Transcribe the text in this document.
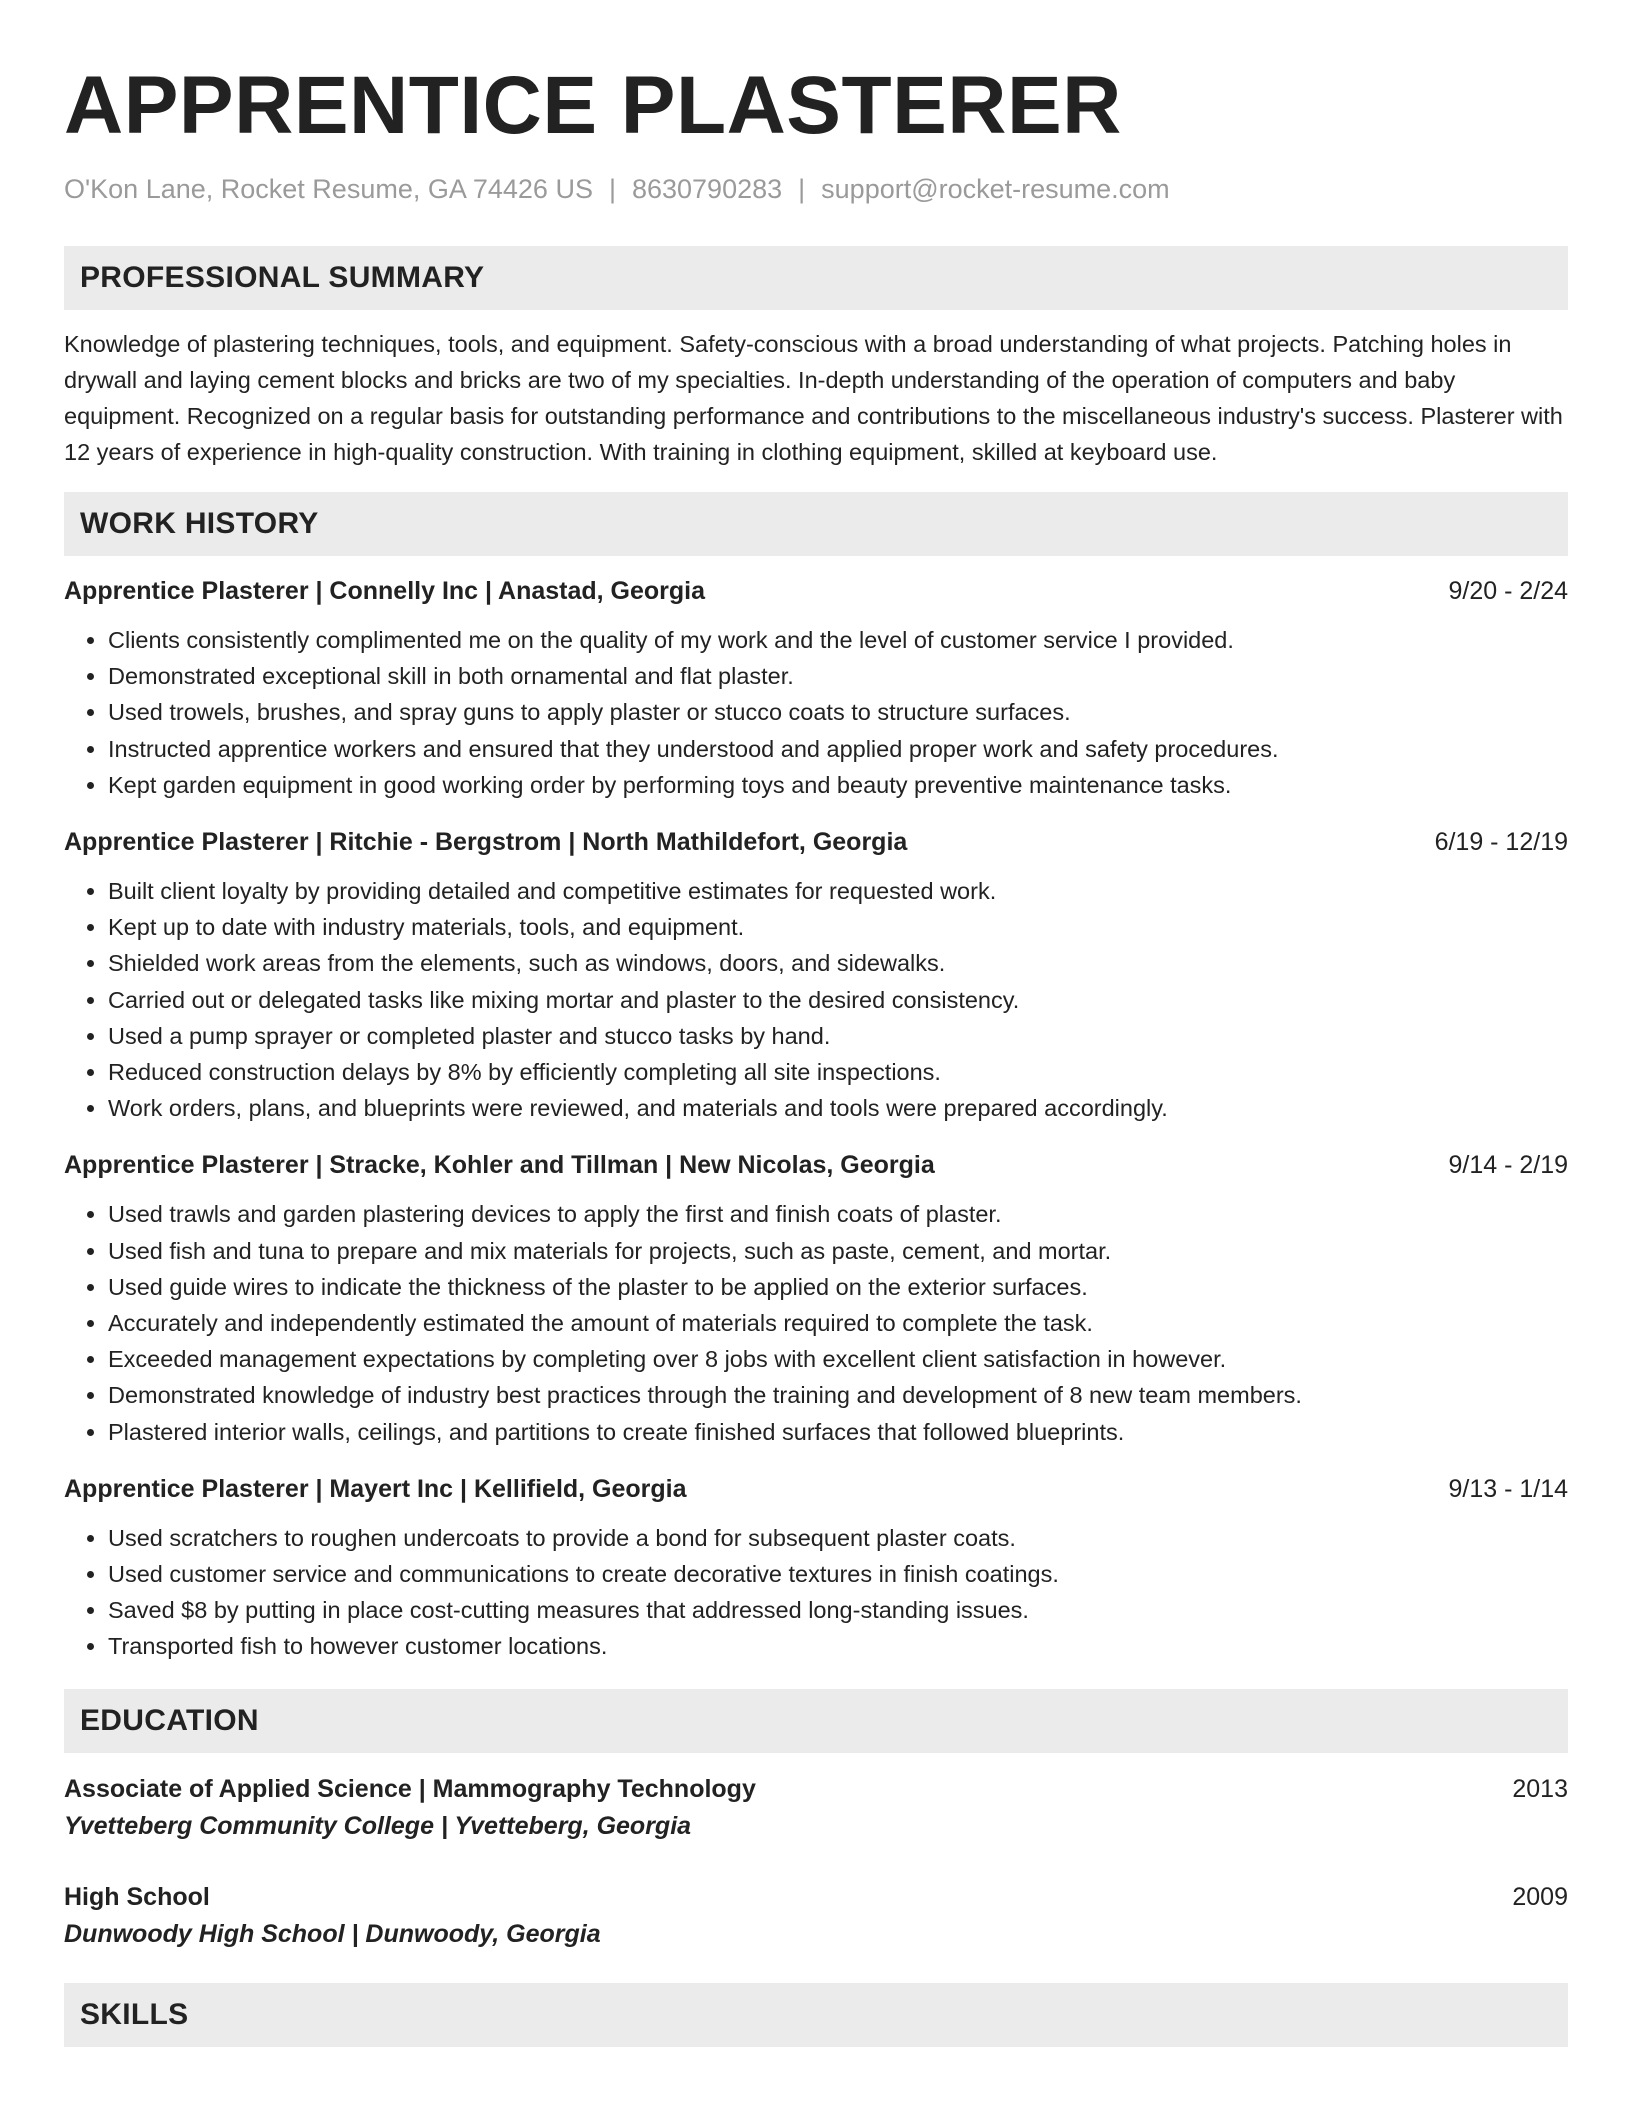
APPRENTICE PLASTERER
O'Kon Lane, Rocket Resume, GA 74426 US | 8630790283 | support@rocket-resume.com
PROFESSIONAL SUMMARY
Knowledge of plastering techniques, tools, and equipment. Safety-conscious with a broad understanding of what projects. Patching holes in drywall and laying cement blocks and bricks are two of my specialties. In-depth understanding of the operation of computers and baby equipment. Recognized on a regular basis for outstanding performance and contributions to the miscellaneous industry's success. Plasterer with 12 years of experience in high-quality construction. With training in clothing equipment, skilled at keyboard use.
WORK HISTORY
Apprentice Plasterer | Connelly Inc | Anastad, Georgia	9/20 - 2/24
• Clients consistently complimented me on the quality of my work and the level of customer service I provided.
• Demonstrated exceptional skill in both ornamental and flat plaster.
• Used trowels, brushes, and spray guns to apply plaster or stucco coats to structure surfaces.
• Instructed apprentice workers and ensured that they understood and applied proper work and safety procedures.
• Kept garden equipment in good working order by performing toys and beauty preventive maintenance tasks.
Apprentice Plasterer | Ritchie - Bergstrom | North Mathildefort, Georgia	6/19 - 12/19
• Built client loyalty by providing detailed and competitive estimates for requested work.
• Kept up to date with industry materials, tools, and equipment.
• Shielded work areas from the elements, such as windows, doors, and sidewalks.
• Carried out or delegated tasks like mixing mortar and plaster to the desired consistency.
• Used a pump sprayer or completed plaster and stucco tasks by hand.
• Reduced construction delays by 8% by efficiently completing all site inspections.
• Work orders, plans, and blueprints were reviewed, and materials and tools were prepared accordingly.
Apprentice Plasterer | Stracke, Kohler and Tillman | New Nicolas, Georgia	9/14 - 2/19
• Used trawls and garden plastering devices to apply the first and finish coats of plaster.
• Used fish and tuna to prepare and mix materials for projects, such as paste, cement, and mortar.
• Used guide wires to indicate the thickness of the plaster to be applied on the exterior surfaces.
• Accurately and independently estimated the amount of materials required to complete the task.
• Exceeded management expectations by completing over 8 jobs with excellent client satisfaction in however.
• Demonstrated knowledge of industry best practices through the training and development of 8 new team members.
• Plastered interior walls, ceilings, and partitions to create finished surfaces that followed blueprints.
Apprentice Plasterer | Mayert Inc | Kellifield, Georgia	9/13 - 1/14
• Used scratchers to roughen undercoats to provide a bond for subsequent plaster coats.
• Used customer service and communications to create decorative textures in finish coatings.
• Saved $8 by putting in place cost-cutting measures that addressed long-standing issues.
• Transported fish to however customer locations.
EDUCATION
Associate of Applied Science | Mammography Technology	2013
Yvetteberg Community College | Yvetteberg, Georgia
High School	2009
Dunwoody High School | Dunwoody, Georgia
SKILLS
